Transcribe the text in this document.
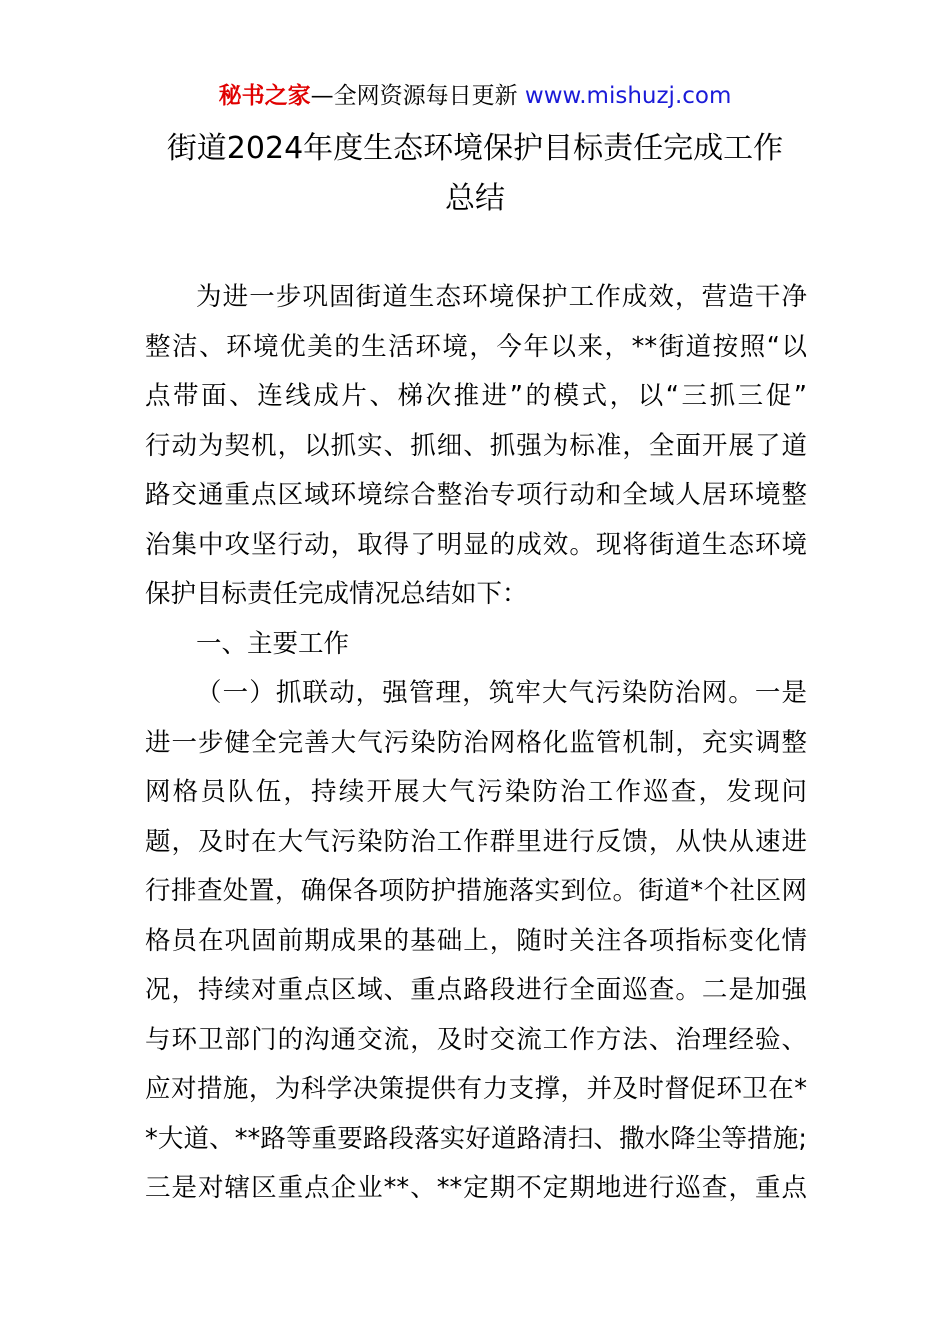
秘书之家—全网资源每日更新 www.mishuzj.com
街道2024年度生态环境保护目标责任完成工作
总结
为进一步巩固街道生态环境保护工作成效，营造干净
整洁、环境优美的生活环境，今年以来，**街道按照“以
点带面、连线成片、梯次推进”的模式，以“三抓三促”
行动为契机，以抓实、抓细、抓强为标准，全面开展了道
路交通重点区域环境综合整治专项行动和全域人居环境整
治集中攻坚行动，取得了明显的成效。现将街道生态环境
保护目标责任完成情况总结如下：
一、主要工作
（一）抓联动，强管理，筑牢大气污染防治网。一是
进一步健全完善大气污染防治网格化监管机制，充实调整
网格员队伍，持续开展大气污染防治工作巡查，发现问
题，及时在大气污染防治工作群里进行反馈，从快从速进
行排查处置，确保各项防护措施落实到位。街道*个社区网
格员在巩固前期成果的基础上，随时关注各项指标变化情
况，持续对重点区域、重点路段进行全面巡查。二是加强
与环卫部门的沟通交流，及时交流工作方法、治理经验、
应对措施，为科学决策提供有力支撑，并及时督促环卫在*
*大道、**路等重要路段落实好道路清扫、撒水降尘等措施;
三是对辖区重点企业**、**定期不定期地进行巡查，重点
